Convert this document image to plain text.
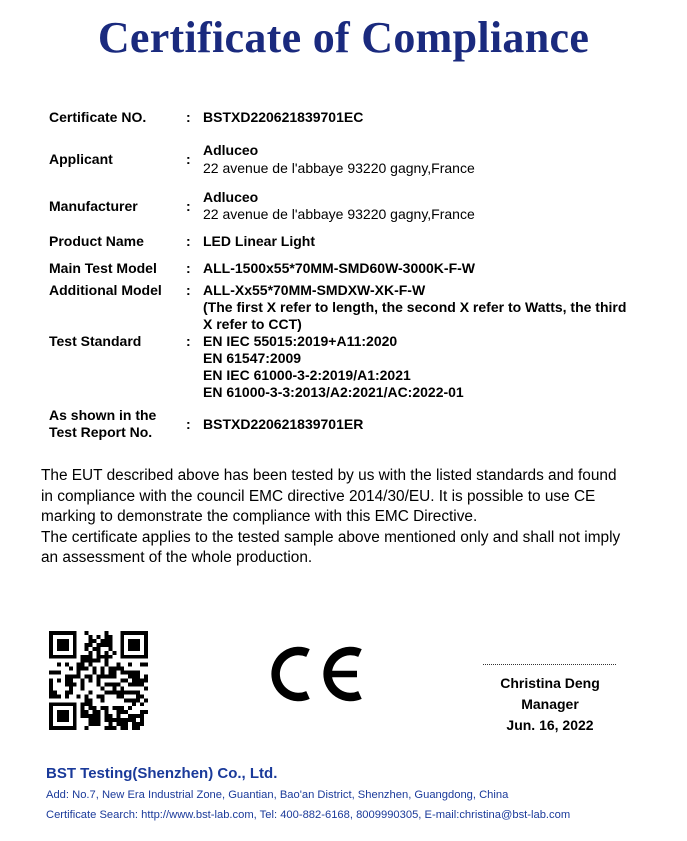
Certificate of Compliance
Certificate NO.	: BSTXD220621839701EC
Applicant	:
Adluceo
22 avenue de l'abbaye 93220 gagny,France
Manufacturer	:
Adluceo
22 avenue de l'abbaye 93220 gagny,France
Product Name	: LED Linear Light
Main Test Model : ALL-1500x55*70MM-SMD60W-3000K-F-W
Additional Model : ALL-Xx55*70MM-SMDXW-XK-F-W
(The first X refer to length, the second X refer to Watts, the third
X refer to CCT)
Test Standard	: EN IEC 55015:2019+A11:2020
EN 61547:2009
EN IEC 61000-3-2:2019/A1:2021
EN 61000-3-3:2013/A2:2021/AC:2022-01
As shown in the
Test Report No. : BSTXD220621839701ER
The EUT described above has been tested by us with the listed standards and found
in compliance with the council EMC directive 2014/30/EU. It is possible to use CE
marking to demonstrate the compliance with this EMC Directive.
The certificate applies to the tested sample above mentioned only and shall not imply
an assessment of the whole production.
Christina Deng
Manager
Jun. 16, 2022
BST Testing(Shenzhen) Co., Ltd.
Add: No.7, New Era Industrial Zone, Guantian, Bao'an District, Shenzhen, Guangdong, China
Certificate Search: http://www.bst-lab.com, Tel: 400-882-6168, 8009990305, E-mail:christina@bst-lab.com
